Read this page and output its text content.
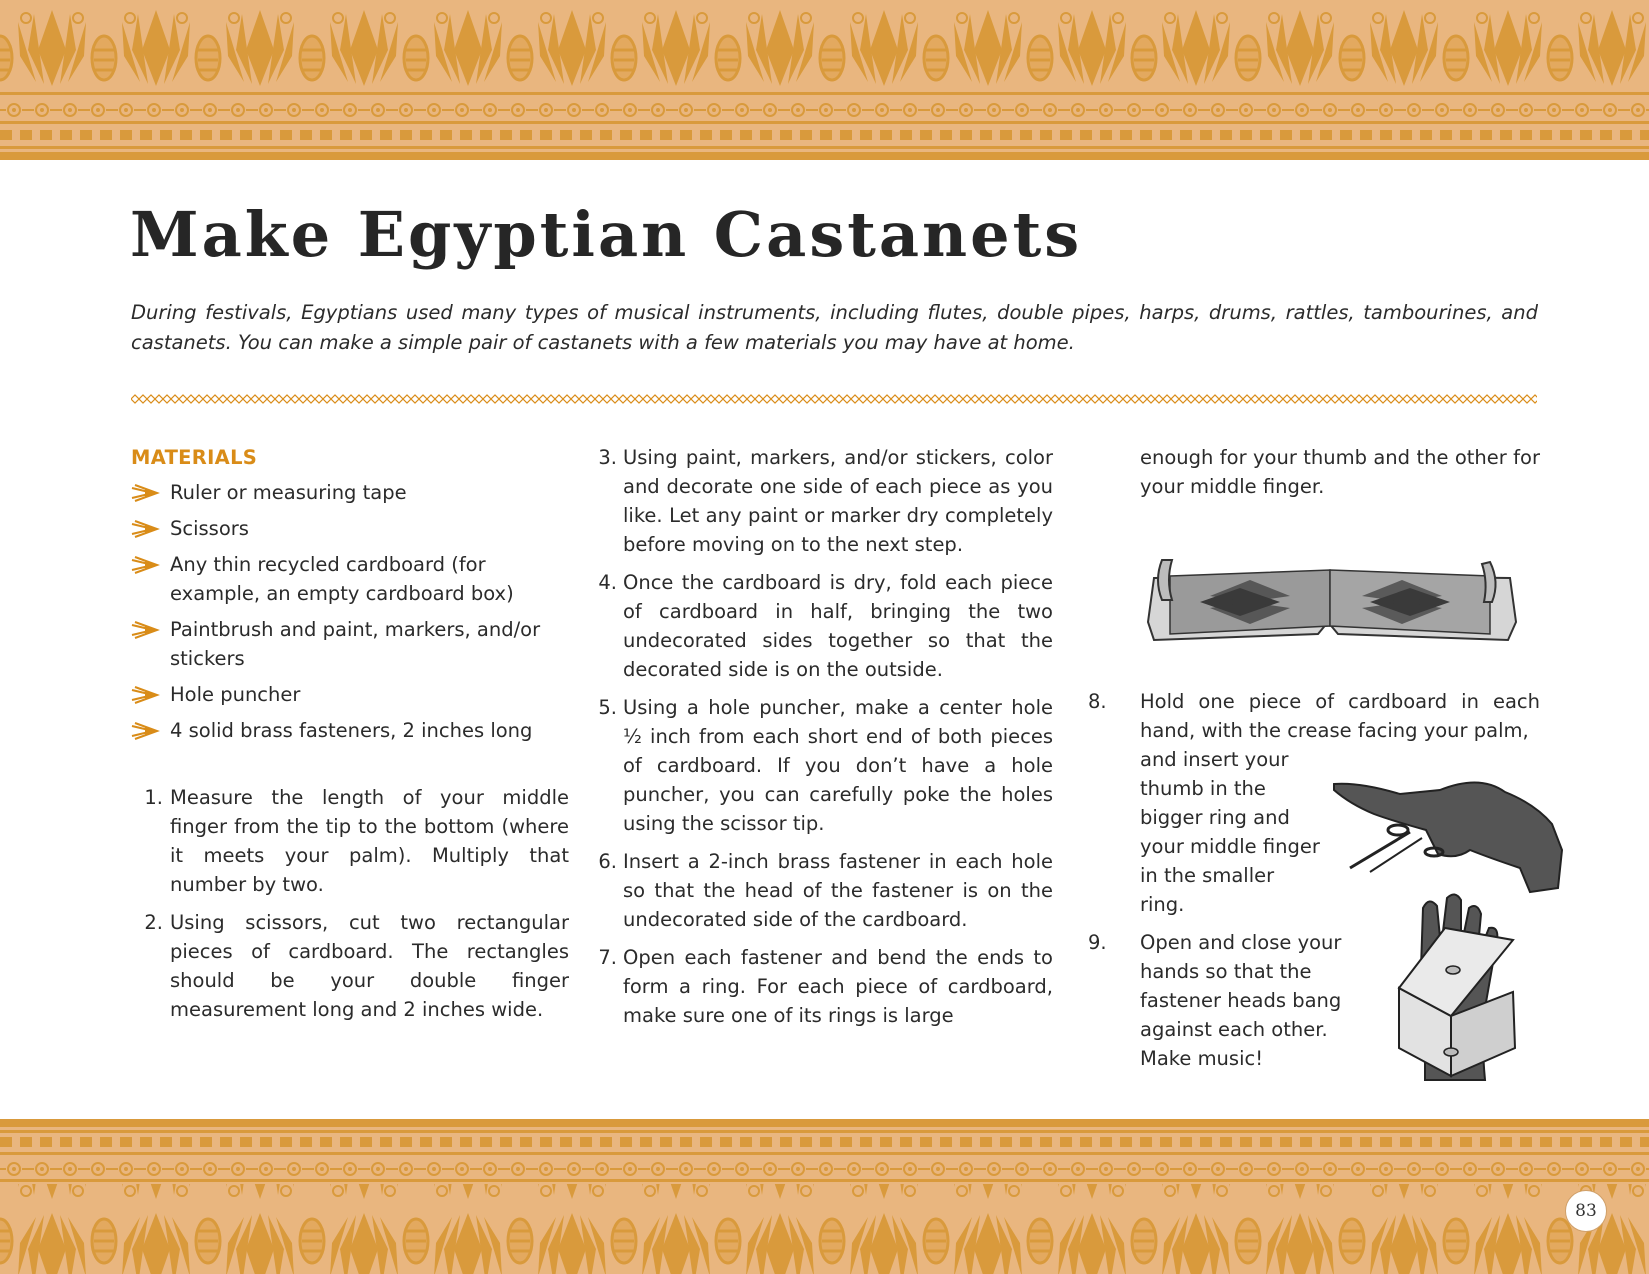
Make Egyptian Castanets

During festivals, Egyptians used many types of musical instruments, including flutes, double pipes, harps, drums, rattles, tambourines, and castanets. You can make a simple pair of castanets with a few materials you may have at home.

MATERIALS
Ruler or measuring tape
Scissors
Any thin recycled cardboard (for example, an empty cardboard box)
Paintbrush and paint, markers, and/or stickers
Hole puncher
4 solid brass fasteners, 2 inches long
1. Measure the length of your middle finger from the tip to the bottom (where it meets your palm). Multiply that number by two.
2. Using scissors, cut two rectangular pieces of cardboard. The rectangles should be your double finger measurement long and 2 inches wide.
3. Using paint, markers, and/or stickers, color and decorate one side of each piece as you like. Let any paint or marker dry completely before moving on to the next step.
4. Once the cardboard is dry, fold each piece of cardboard in half, bringing the two undecorated sides together so that the decorated side is on the outside.
5. Using a hole puncher, make a center hole ½ inch from each short end of both pieces of cardboard. If you don’t have a hole puncher, you can carefully poke the holes using the scissor tip.
6. Insert a 2-inch brass fastener in each hole so that the head of the fastener is on the undecorated side of the cardboard.
7. Open each fastener and bend the ends to form a ring. For each piece of cardboard, make sure one of its rings is large

enough for your thumb and the other for your middle finger.

8. Hold one piece of cardboard in each hand, with the crease facing your palm,
and insert your thumb in the bigger ring and your middle finger in the smaller ring.
9. Open and close your hands so that the fastener heads bang against each other. Make music!
83
